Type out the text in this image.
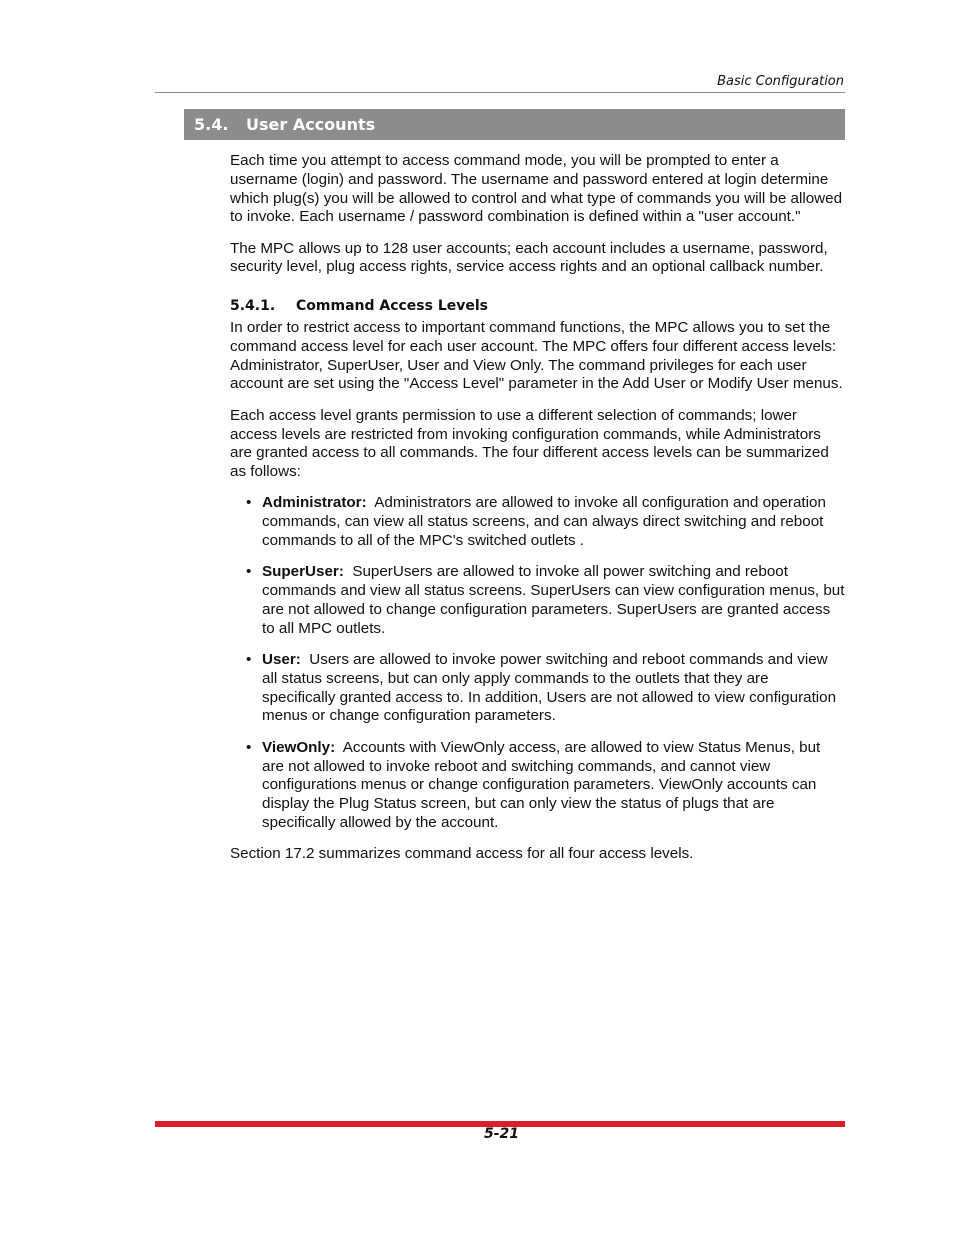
Basic Configuration
5.4.	User Accounts

Each time you attempt to access command mode, you will be prompted to enter a username (login) and password. The username and password entered at login determine which plug(s) you will be allowed to control and what type of commands you will be allowed to invoke. Each username / password combination is defined within a "user account."

The MPC allows up to 128 user accounts; each account includes a username, password, security level, plug access rights, service access rights and an optional callback number.

5.4.1.	Command Access Levels

In order to restrict access to important command functions, the MPC allows you to set the command access level for each user account. The MPC offers four different access levels: Administrator, SuperUser, User and View Only. The command privileges for each user account are set using the "Access Level" parameter in the Add User or Modify User menus.

Each access level grants permission to use a different selection of commands; lower access levels are restricted from invoking configuration commands, while Administrators are granted access to all commands. The four different access levels can be summarized as follows:

• Administrator: Administrators are allowed to invoke all configuration and operation commands, can view all status screens, and can always direct switching and reboot commands to all of the MPC's switched outlets .
• SuperUser: SuperUsers are allowed to invoke all power switching and reboot commands and view all status screens. SuperUsers can view configuration menus, but are not allowed to change configuration parameters. SuperUsers are granted access to all MPC outlets.
• User: Users are allowed to invoke power switching and reboot commands and view all status screens, but can only apply commands to the outlets that they are specifically granted access to. In addition, Users are not allowed to view configuration menus or change configuration parameters.
• ViewOnly: Accounts with ViewOnly access, are allowed to view Status Menus, but are not allowed to invoke reboot and switching commands, and cannot view configurations menus or change configuration parameters. ViewOnly accounts can display the Plug Status screen, but can only view the status of plugs that are specifically allowed by the account.

Section 17.2 summarizes command access for all four access levels.

5-21
